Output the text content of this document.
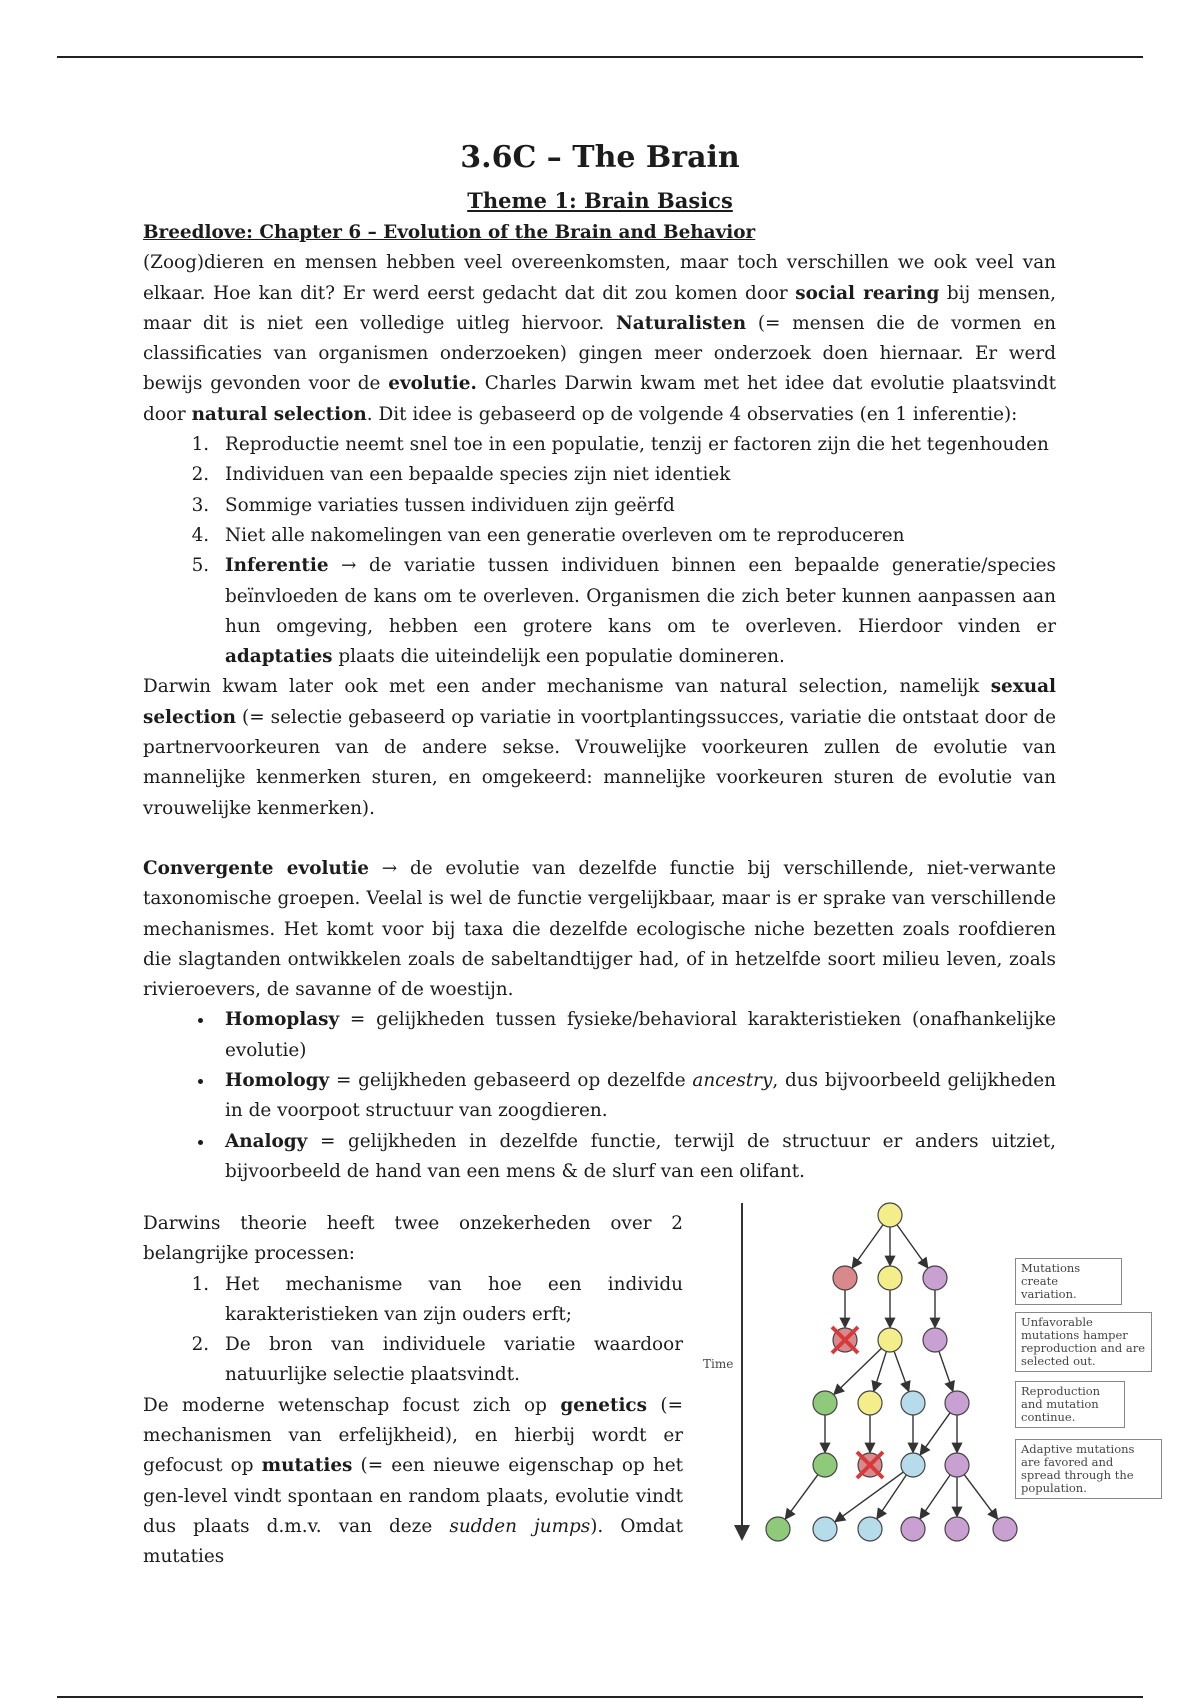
3.6C – The Brain
Theme 1: Brain Basics
Breedlove: Chapter 6 – Evolution of the Brain and Behavior

(Zoog)dieren en mensen hebben veel overeenkomsten, maar toch verschillen we ook veel van elkaar. Hoe kan dit? Er werd eerst gedacht dat dit zou komen door social rearing bij mensen, maar dit is niet een volledige uitleg hiervoor. Naturalisten (= mensen die de vormen en classificaties van organismen onderzoeken) gingen meer onderzoek doen hiernaar. Er werd bewijs gevonden voor de evolutie. Charles Darwin kwam met het idee dat evolutie plaatsvindt door natural selection. Dit idee is gebaseerd op de volgende 4 observaties (en 1 inferentie):

1. Reproductie neemt snel toe in een populatie, tenzij er factoren zijn die het tegenhouden
2. Individuen van een bepaalde species zijn niet identiek
3. Sommige variaties tussen individuen zijn geërfd
4. Niet alle nakomelingen van een generatie overleven om te reproduceren
5. Inferentie → de variatie tussen individuen binnen een bepaalde generatie/species beïnvloeden de kans om te overleven. Organismen die zich beter kunnen aanpassen aan hun omgeving, hebben een grotere kans om te overleven. Hierdoor vinden er adaptaties plaats die uiteindelijk een populatie domineren.

Darwin kwam later ook met een ander mechanisme van natural selection, namelijk sexual selection (= selectie gebaseerd op variatie in voortplantingssucces, variatie die ontstaat door de partnervoorkeuren van de andere sekse. Vrouwelijke voorkeuren zullen de evolutie van mannelijke kenmerken sturen, en omgekeerd: mannelijke voorkeuren sturen de evolutie van vrouwelijke kenmerken).

Convergente evolutie → de evolutie van dezelfde functie bij verschillende, niet-verwante taxonomische groepen. Veelal is wel de functie vergelijkbaar, maar is er sprake van verschillende mechanismes. Het komt voor bij taxa die dezelfde ecologische niche bezetten zoals roofdieren die slagtanden ontwikkelen zoals de sabeltandtijger had, of in hetzelfde soort milieu leven, zoals rivieroevers, de savanne of de woestijn.

• Homoplasy = gelijkheden tussen fysieke/behavioral karakteristieken (onafhankelijke evolutie)
• Homology = gelijkheden gebaseerd op dezelfde ancestry, dus bijvoorbeeld gelijkheden in de voorpoot structuur van zoogdieren.
• Analogy = gelijkheden in dezelfde functie, terwijl de structuur er anders uitziet, bijvoorbeeld de hand van een mens & de slurf van een olifant.

Darwins theorie heeft twee onzekerheden over 2 belangrijke processen:

1. Het mechanisme van hoe een individu karakteristieken van zijn ouders erft;
2. De bron van individuele variatie waardoor natuurlijke selectie plaatsvindt.

De moderne wetenschap focust zich op genetics (= mechanismen van erfelijkheid), en hierbij wordt er gefocust op mutaties (= een nieuwe eigenschap op het gen-level vindt spontaan en random plaats, evolutie vindt dus plaats d.m.v. van deze sudden jumps). Omdat mutaties

Time
Mutations create variation.
Unfavorable mutations hamper reproduction and are selected out.
Reproduction and mutation continue.
Adaptive mutations are favored and spread through the population.
